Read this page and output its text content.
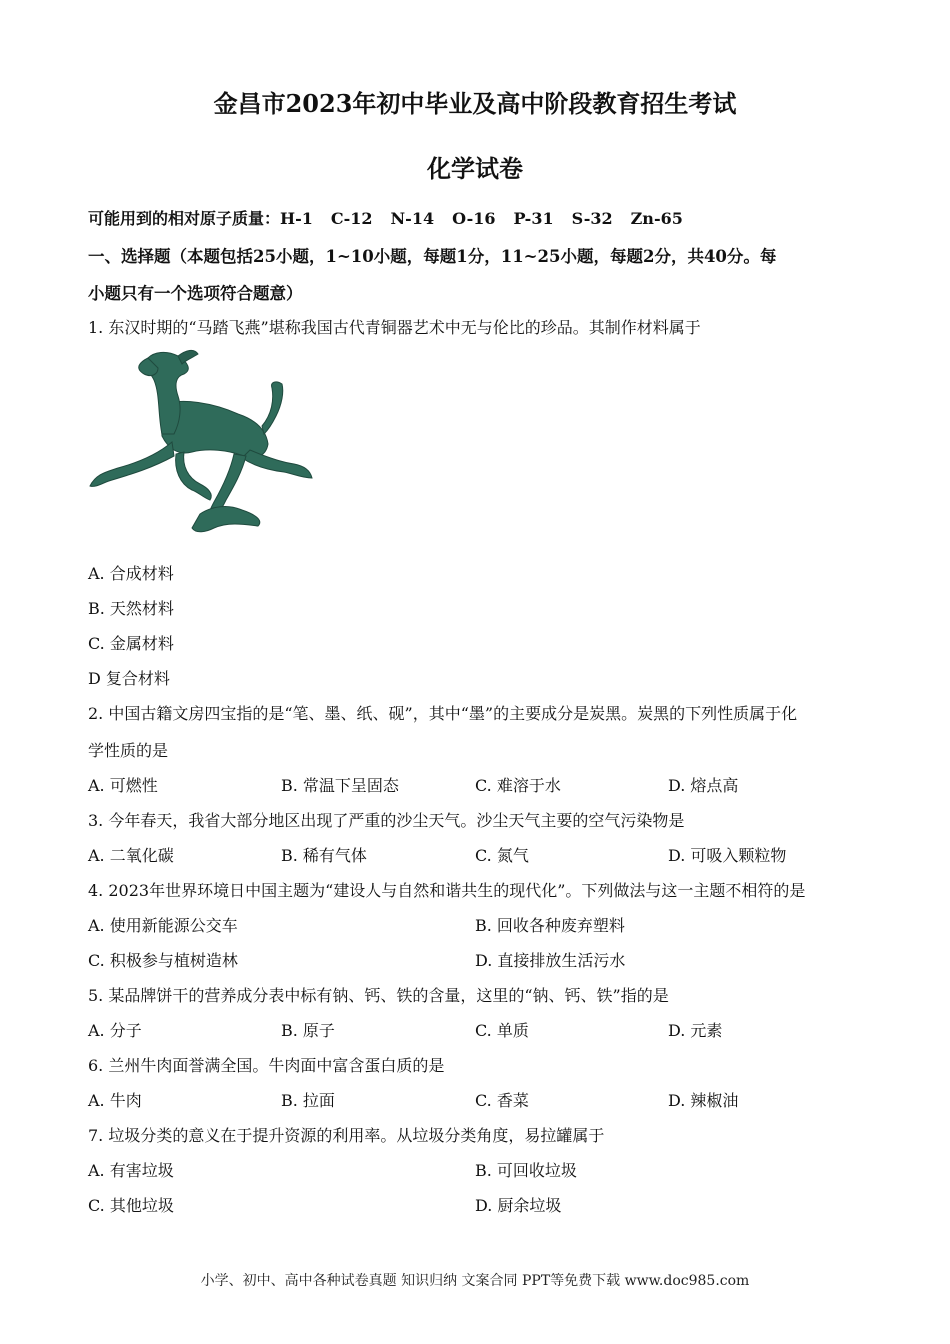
金昌市2023年初中毕业及高中阶段教育招生考试
化学试卷
可能用到的相对原子质量：H-1 C-12 N-14 O-16 P-31 S-32 Zn-65
一、选择题（本题包括25小题，1~10小题，每题1分，11~25小题，每题2分，共40分。每
小题只有一个选项符合题意）
1. 东汉时期的“马踏飞燕”堪称我国古代青铜器艺术中无与伦比的珍品。其制作材料属于
A. 合成材料
B. 天然材料
C. 金属材料
D 复合材料
2. 中国古籍文房四宝指的是“笔、墨、纸、砚”，其中“墨”的主要成分是炭黑。炭黑的下列性质属于化
学性质的是
A. 可燃性	B. 常温下呈固态	C. 难溶于水	D. 熔点高
3. 今年春天，我省大部分地区出现了严重的沙尘天气。沙尘天气主要的空气污染物是
A. 二氧化碳	B. 稀有气体	C. 氮气	D. 可吸入颗粒物
4. 2023年世界环境日中国主题为“建设人与自然和谐共生的现代化”。下列做法与这一主题不相符的是
A. 使用新能源公交车	B. 回收各种废弃塑料
C. 积极参与植树造林	D. 直接排放生活污水
5. 某品牌饼干的营养成分表中标有钠、钙、铁的含量，这里的“钠、钙、铁”指的是
A. 分子	B. 原子	C. 单质	D. 元素
6. 兰州牛肉面誉满全国。牛肉面中富含蛋白质的是
A. 牛肉	B. 拉面	C. 香菜	D. 辣椒油
7. 垃圾分类的意义在于提升资源的利用率。从垃圾分类角度，易拉罐属于
A. 有害垃圾	B. 可回收垃圾
C. 其他垃圾	D. 厨余垃圾
小学、初中、高中各种试卷真题 知识归纳 文案合同 PPT等免费下载 www.doc985.com
